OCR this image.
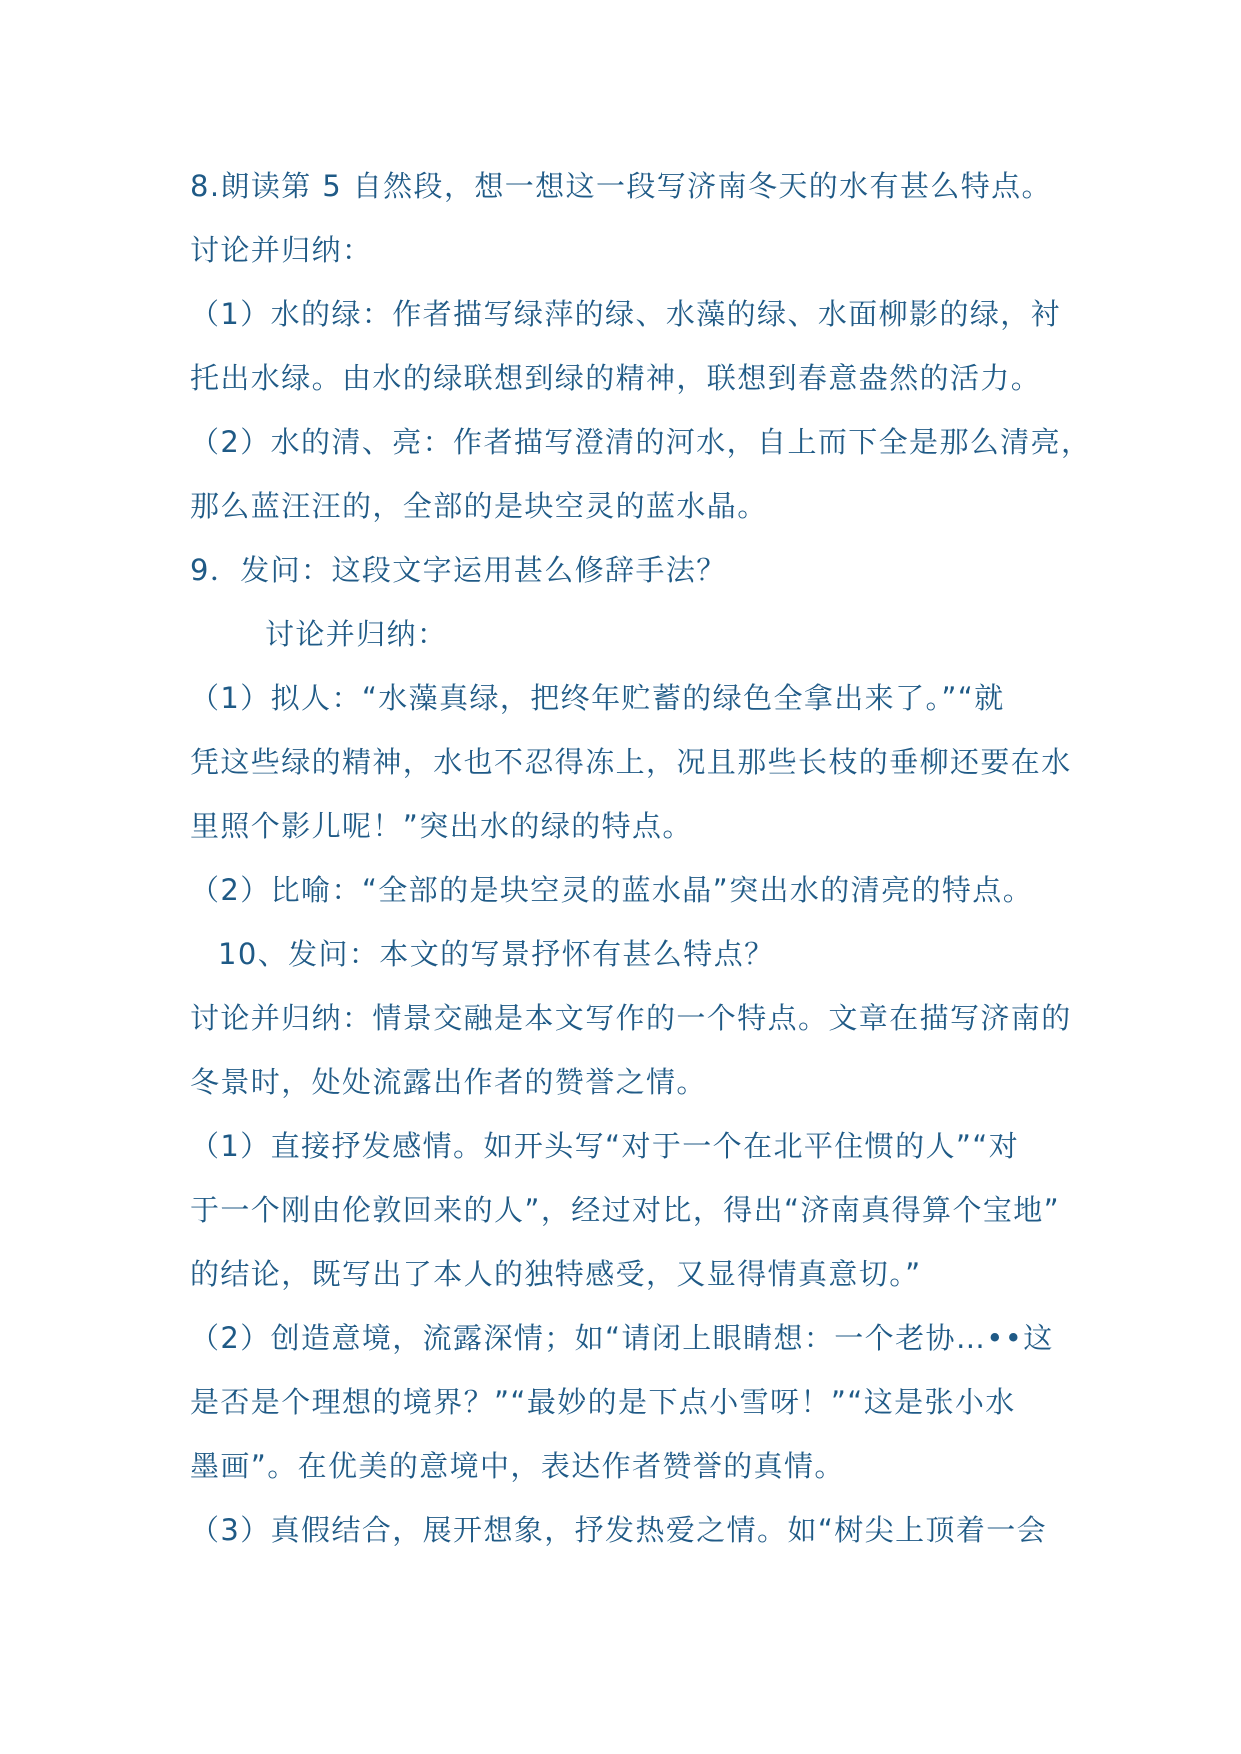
8.朗读第 5 自然段，想一想这一段写济南冬天的水有甚么特点。
讨论并归纳：
（1）水的绿：作者描写绿萍的绿、水藻的绿、水面柳影的绿，衬
托出水绿。由水的绿联想到绿的精神，联想到春意盎然的活力。
（2）水的清、亮：作者描写澄清的河水，自上而下全是那么清亮，
那么蓝汪汪的，全部的是块空灵的蓝水晶。
9．发问：这段文字运用甚么修辞手法？
讨论并归纳：
（1）拟人：“水藻真绿，把终年贮蓄的绿色全拿出来了。”“就
凭这些绿的精神，水也不忍得冻上，况且那些长枝的垂柳还要在水
里照个影儿呢！”突出水的绿的特点。
（2）比喻：“全部的是块空灵的蓝水晶”突出水的清亮的特点。
10、发问：本文的写景抒怀有甚么特点？
讨论并归纳：情景交融是本文写作的一个特点。文章在描写济南的
冬景时，处处流露出作者的赞誉之情。
（1）直接抒发感情。如开头写“对于一个在北平住惯的人”“对
于一个刚由伦敦回来的人”，经过对比，得出“济南真得算个宝地”
的结论，既写出了本人的独特感受，又显得情真意切。”
（2）创造意境，流露深情；如“请闭上眼睛想：一个老协…••这
是否是个理想的境界？”“最妙的是下点小雪呀！”“这是张小水
墨画”。在优美的意境中，表达作者赞誉的真情。
（3）真假结合，展开想象，抒发热爱之情。如“树尖上顶着一会
